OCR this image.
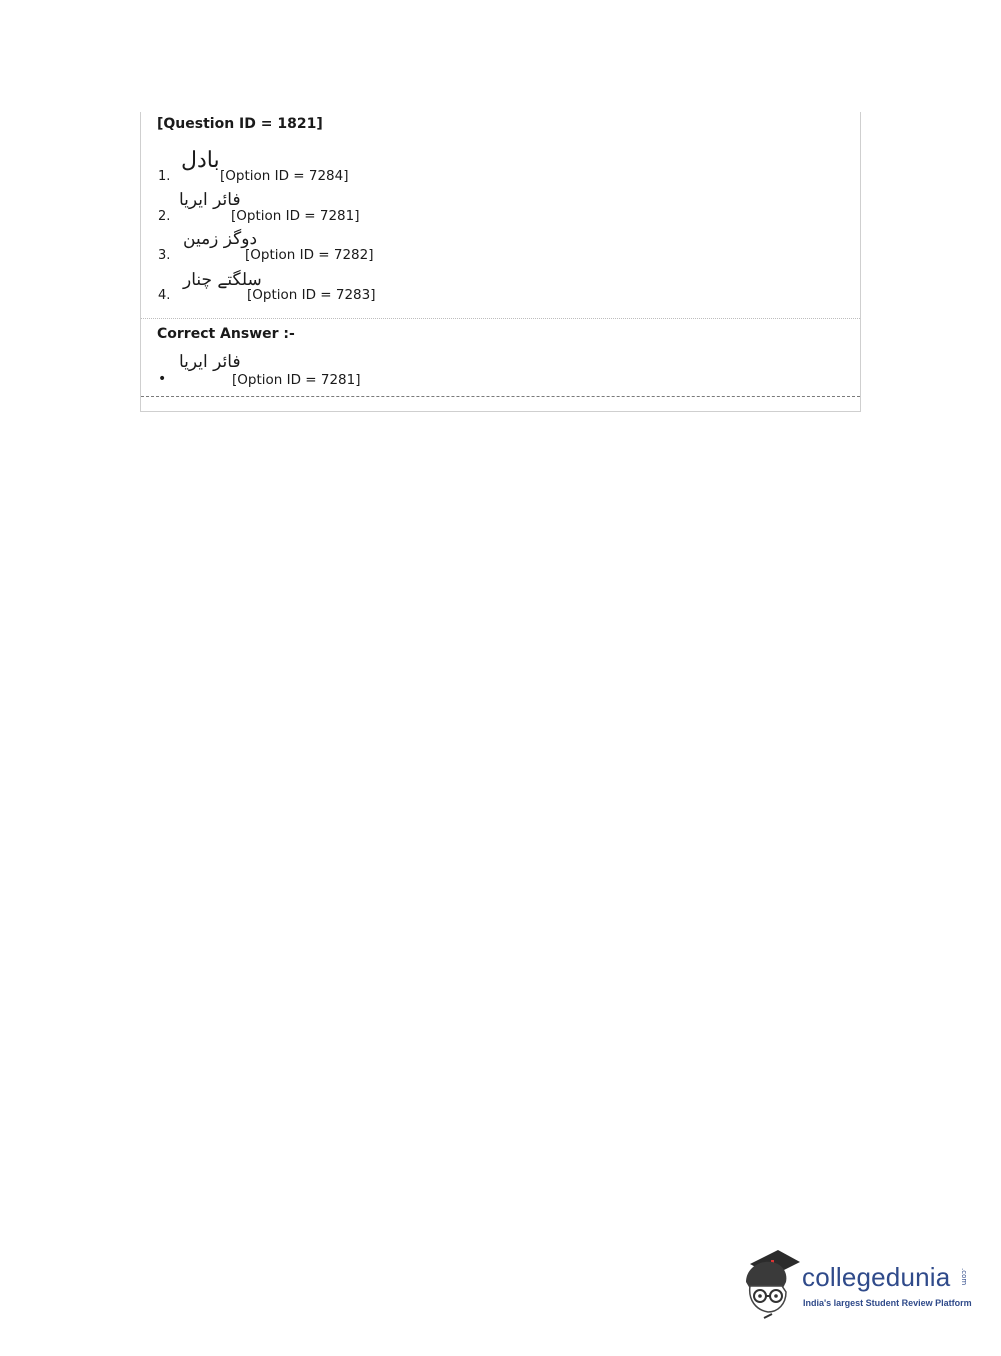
[Question ID = 1821]
1.
بادل
[Option ID = 7284]
2.
فائر ایریا
[Option ID = 7281]
3.
دوگز زمین
[Option ID = 7282]
4.
سلگتے چنار
[Option ID = 7283]
Correct Answer :-
•
فائر ایریا
[Option ID = 7281]
collegedunia .com
India's largest Student Review Platform
